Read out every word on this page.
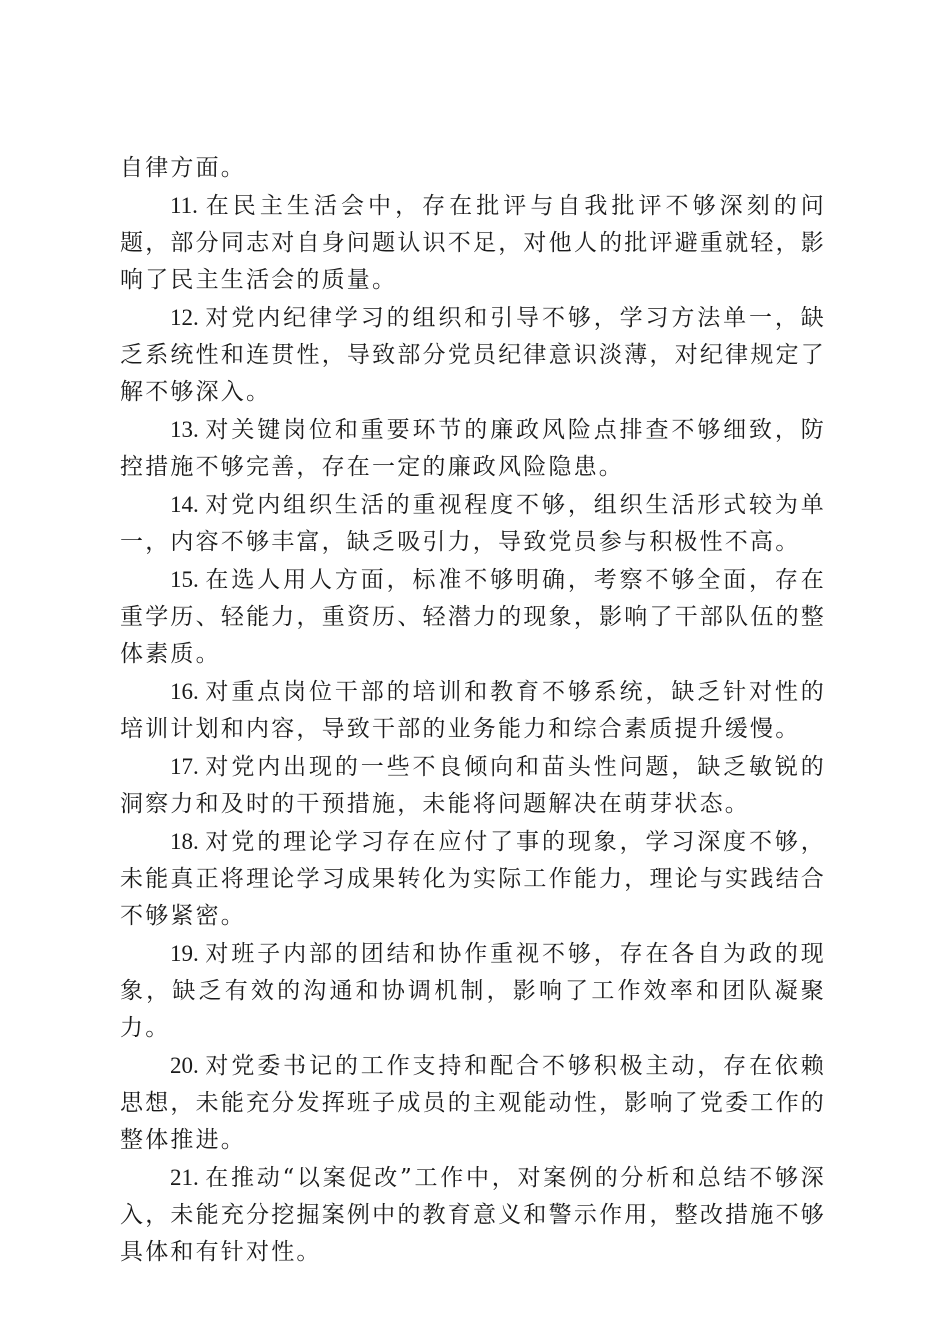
自律方面。

11. 在民主生活会中，存在批评与自我批评不够深刻的问题，部分同志对自身问题认识不足，对他人的批评避重就轻，影响了民主生活会的质量。

12. 对党内纪律学习的组织和引导不够，学习方法单一，缺乏系统性和连贯性，导致部分党员纪律意识淡薄，对纪律规定了解不够深入。

13. 对关键岗位和重要环节的廉政风险点排查不够细致，防控措施不够完善，存在一定的廉政风险隐患。

14. 对党内组织生活的重视程度不够，组织生活形式较为单一，内容不够丰富，缺乏吸引力，导致党员参与积极性不高。

15. 在选人用人方面，标准不够明确，考察不够全面，存在重学历、轻能力，重资历、轻潜力的现象，影响了干部队伍的整体素质。

16. 对重点岗位干部的培训和教育不够系统，缺乏针对性的培训计划和内容，导致干部的业务能力和综合素质提升缓慢。

17. 对党内出现的一些不良倾向和苗头性问题，缺乏敏锐的洞察力和及时的干预措施，未能将问题解决在萌芽状态。

18. 对党的理论学习存在应付了事的现象，学习深度不够，未能真正将理论学习成果转化为实际工作能力，理论与实践结合不够紧密。

19. 对班子内部的团结和协作重视不够，存在各自为政的现象，缺乏有效的沟通和协调机制，影响了工作效率和团队凝聚力。

20. 对党委书记的工作支持和配合不够积极主动，存在依赖思想，未能充分发挥班子成员的主观能动性，影响了党委工作的整体推进。

21. 在推动“以案促改”工作中，对案例的分析和总结不够深入，未能充分挖掘案例中的教育意义和警示作用，整改措施不够具体和有针对性。
